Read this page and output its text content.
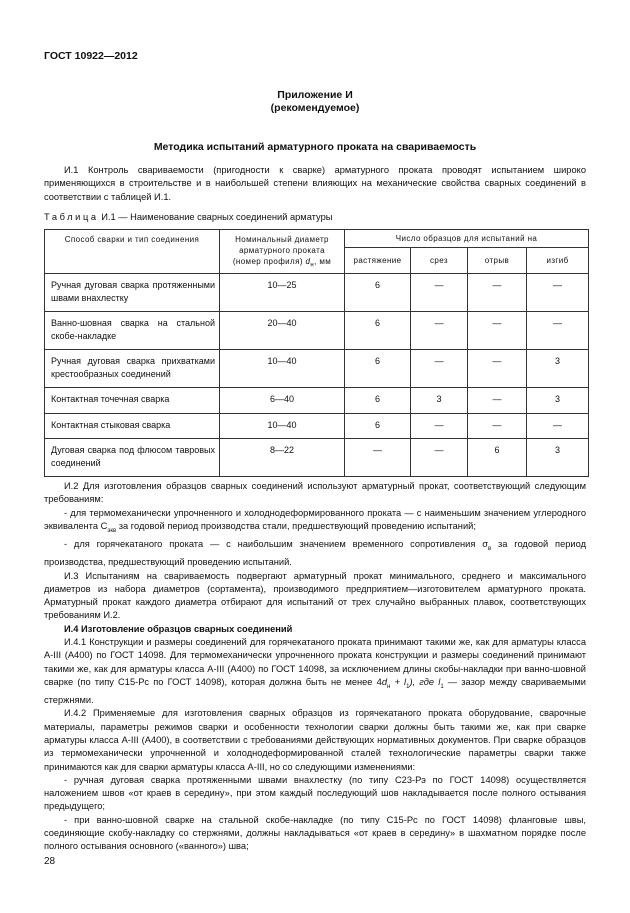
ГОСТ 10922—2012
Приложение И
(рекомендуемое)
Методика испытаний арматурного проката на свариваемость
И.1 Контроль свариваемости (пригодности к сварке) арматурного проката проводят испытанием широко применяющихся в строительстве и в наибольшей степени влияющих на механические свойства сварных соединений в соответствии с таблицей И.1.
Таблица И.1 — Наименование сварных соединений арматуры
Способ сварки и тип соединения	Номинальный диаметр арматурного проката (номер профиля) $d_н$, мм	Число образцов для испытаний на			
		растяжение	срез	отрыв	изгиб
Ручная дуговая сварка протяженными швами внахлестку	10—25	6	—	—	—
Ванно-шовная сварка на стальной скобе-накладке	20—40	6	—	—	—
Ручная дуговая сварка прихватками крестообразных соединений	10—40	6	—	—	3
Контактная точечная сварка	6—40	6	3	—	3
Контактная стыковая сварка	10—40	6	—	—	—
Дуговая сварка под флюсом тавровых соединений	8—22	—	—	6	3
И.2 Для изготовления образцов сварных соединений используют арматурный прокат, соответствующий следующим требованиям:
- для термомеханически упрочненного и холоднодеформированного проката — с наименьшим значением углеродного эквивалента $С_{экв}$ за годовой период производства стали, предшествующий проведению испытаний;
- для горячекатаного проката — с наибольшим значением временного сопротивления $\sigma_в$ за годовой период производства, предшествующий проведению испытаний.
И.3 Испытаниям на свариваемость подвергают арматурный прокат минимального, среднего и максимального диаметров из набора диаметров (сортамента), производимого предприятием—изготовителем арматурного проката. Арматурный прокат каждого диаметра отбирают для испытаний от трех случайно выбранных плавок, соответствующих требованиям И.2.
И.4 Изготовление образцов сварных соединений
И.4.1 Конструкции и размеры соединений для горячекатаного проката принимают такими же, как для арматуры класса А-III (А400) по ГОСТ 14098. Для термомеханически упрочненного проката конструкции и размеры соединений принимают такими же, как для арматуры класса А-III (А400) по ГОСТ 14098, за исключением длины скобы-накладки при ванно-шовной сварке (по типу С15-Рс по ГОСТ 14098), которая должна быть не менее $4d_н + l_1$), где $l_1$ — зазор между свариваемыми стержнями.
И.4.2 Применяемые для изготовления сварных образцов из горячекатаного проката оборудование, сварочные материалы, параметры режимов сварки и особенности технологии сварки должны быть такими же, как при сварке арматуры класса А-III (А400), в соответствии с требованиями действующих нормативных документов. При сварке образцов из термомеханически упрочненной и холоднодеформированной сталей технологические параметры сварки также принимаются как для сварки арматуры класса А-III, но со следующими изменениями:
- ручная дуговая сварка протяженными швами внахлестку (по типу С23-Рэ по ГОСТ 14098) осуществляется наложением швов «от краев в середину», при этом каждый последующий шов накладывается после полного остывания предыдущего;
- при ванно-шовной сварке на стальной скобе-накладке (по типу С15-Рс по ГОСТ 14098) фланговые швы, соединяющие скобу-накладку со стержнями, должны накладываться «от краев в середину» в шахматном порядке после полного остывания основного («ванного») шва;
28
